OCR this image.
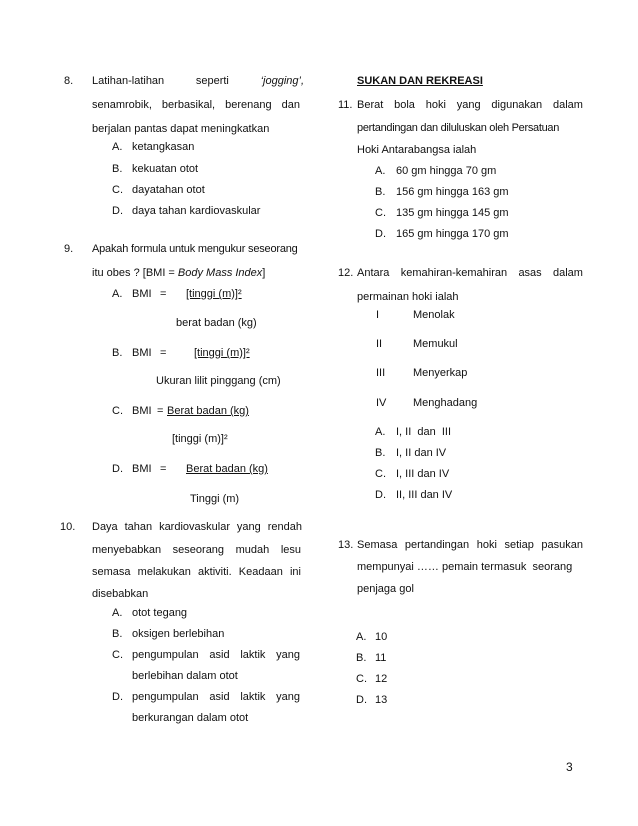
8. Latihan-latihan	seperti	‘jogging’,
senamrobik, berbasikal, berenang dan
berjalan pantas dapat meningkatkan
A. ketangkasan
B. kekuatan otot
C. dayatahan otot
D. daya tahan kardiovaskular
9. Apakah formula untuk mengukur seseorang
itu obes ? [BMI = Body Mass Index]
A. BMI = [tinggi (m)]²
berat badan (kg)
B. BMI =	[tinggi (m)]²
Ukuran lilit pinggang (cm)
C. BMI = Berat badan (kg)
[tinggi (m)]²
D. BMI = Berat badan (kg)
Tinggi (m)
10. Daya tahan kardiovaskular yang rendah
menyebabkan seseorang mudah lesu
semasa melakukan aktiviti. Keadaan ini
disebabkan
A. otot tegang
B. oksigen berlebihan
C. pengumpulan asid laktik yang
berlebihan dalam otot
D. pengumpulan asid laktik yang
berkurangan dalam otot
SUKAN DAN REKREASI
11. Berat bola hoki yang digunakan dalam
pertandingan dan diluluskan oleh Persatuan
Hoki Antarabangsa ialah
A. 60 gm hingga 70 gm
B. 156 gm hingga 163 gm
C. 135 gm hingga 145 gm
D. 165 gm hingga 170 gm
12. Antara kemahiran-kemahiran asas dalam
permainan hoki ialah
I	Menolak
II	Memukul
III	Menyerkap
IV Menghadang
A. I, II  dan  III
B. I, II dan IV
C. I, III dan IV
D. II, III dan IV
13. Semasa pertandingan hoki setiap pasukan
mempunyai …… pemain termasuk  seorang
penjaga gol
A. 10
B. 11
C. 12
D. 13
3
